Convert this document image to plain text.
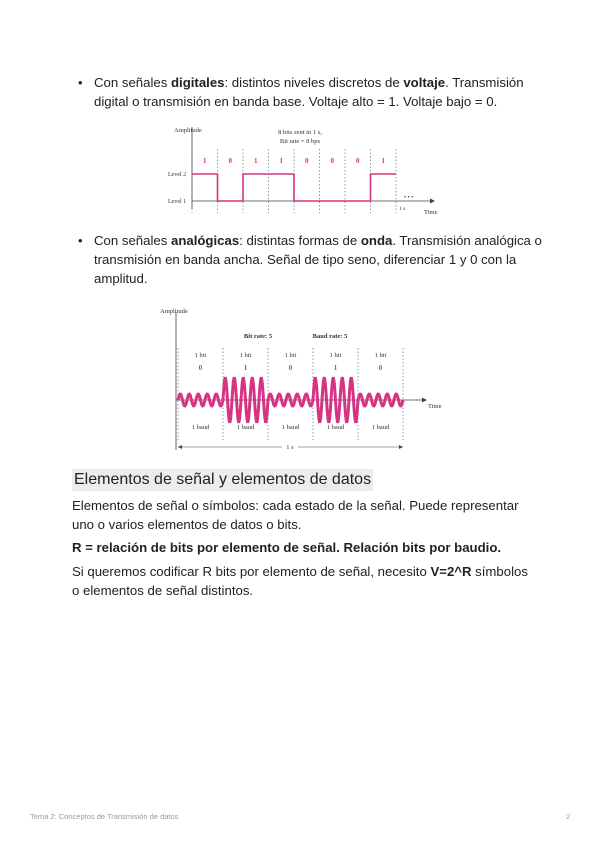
• Con señales digitales: distintos niveles discretos de voltaje. Transmisión digital o transmisión en banda base. Voltaje alto = 1. Voltaje bajo = 0.
Amplitude	8 bits sent in 1 s,
Bit rate = 8 bps
1	0	1	1	0	0	0	1
Level 2
Level 1
• • •
1 s	Time
• Con señales analógicas: distintas formas de onda. Transmisión analógica o transmisión en banda ancha. Señal de tipo seno, diferenciar 1 y 0 con la amplitud.
Amplitude
Bit rate: 5	Baud rate: 5
1 bit
0
1 baud
1 bit
1
1 baud
1 bit
0
1 baud
1 bit
1
1 baud
1 bit
0
1 baud
Time
1 s
Elementos de señal y elementos de datos
Elementos de señal o símbolos: cada estado de la señal. Puede representar uno o varios elementos de datos o bits.
R = relación de bits por elemento de señal. Relación bits por baudio.
Si queremos codificar R bits por elemento de señal, necesito V=2^R símbolos o elementos de señal distintos.
Tema 2: Conceptos de Transmisión de datos	2
